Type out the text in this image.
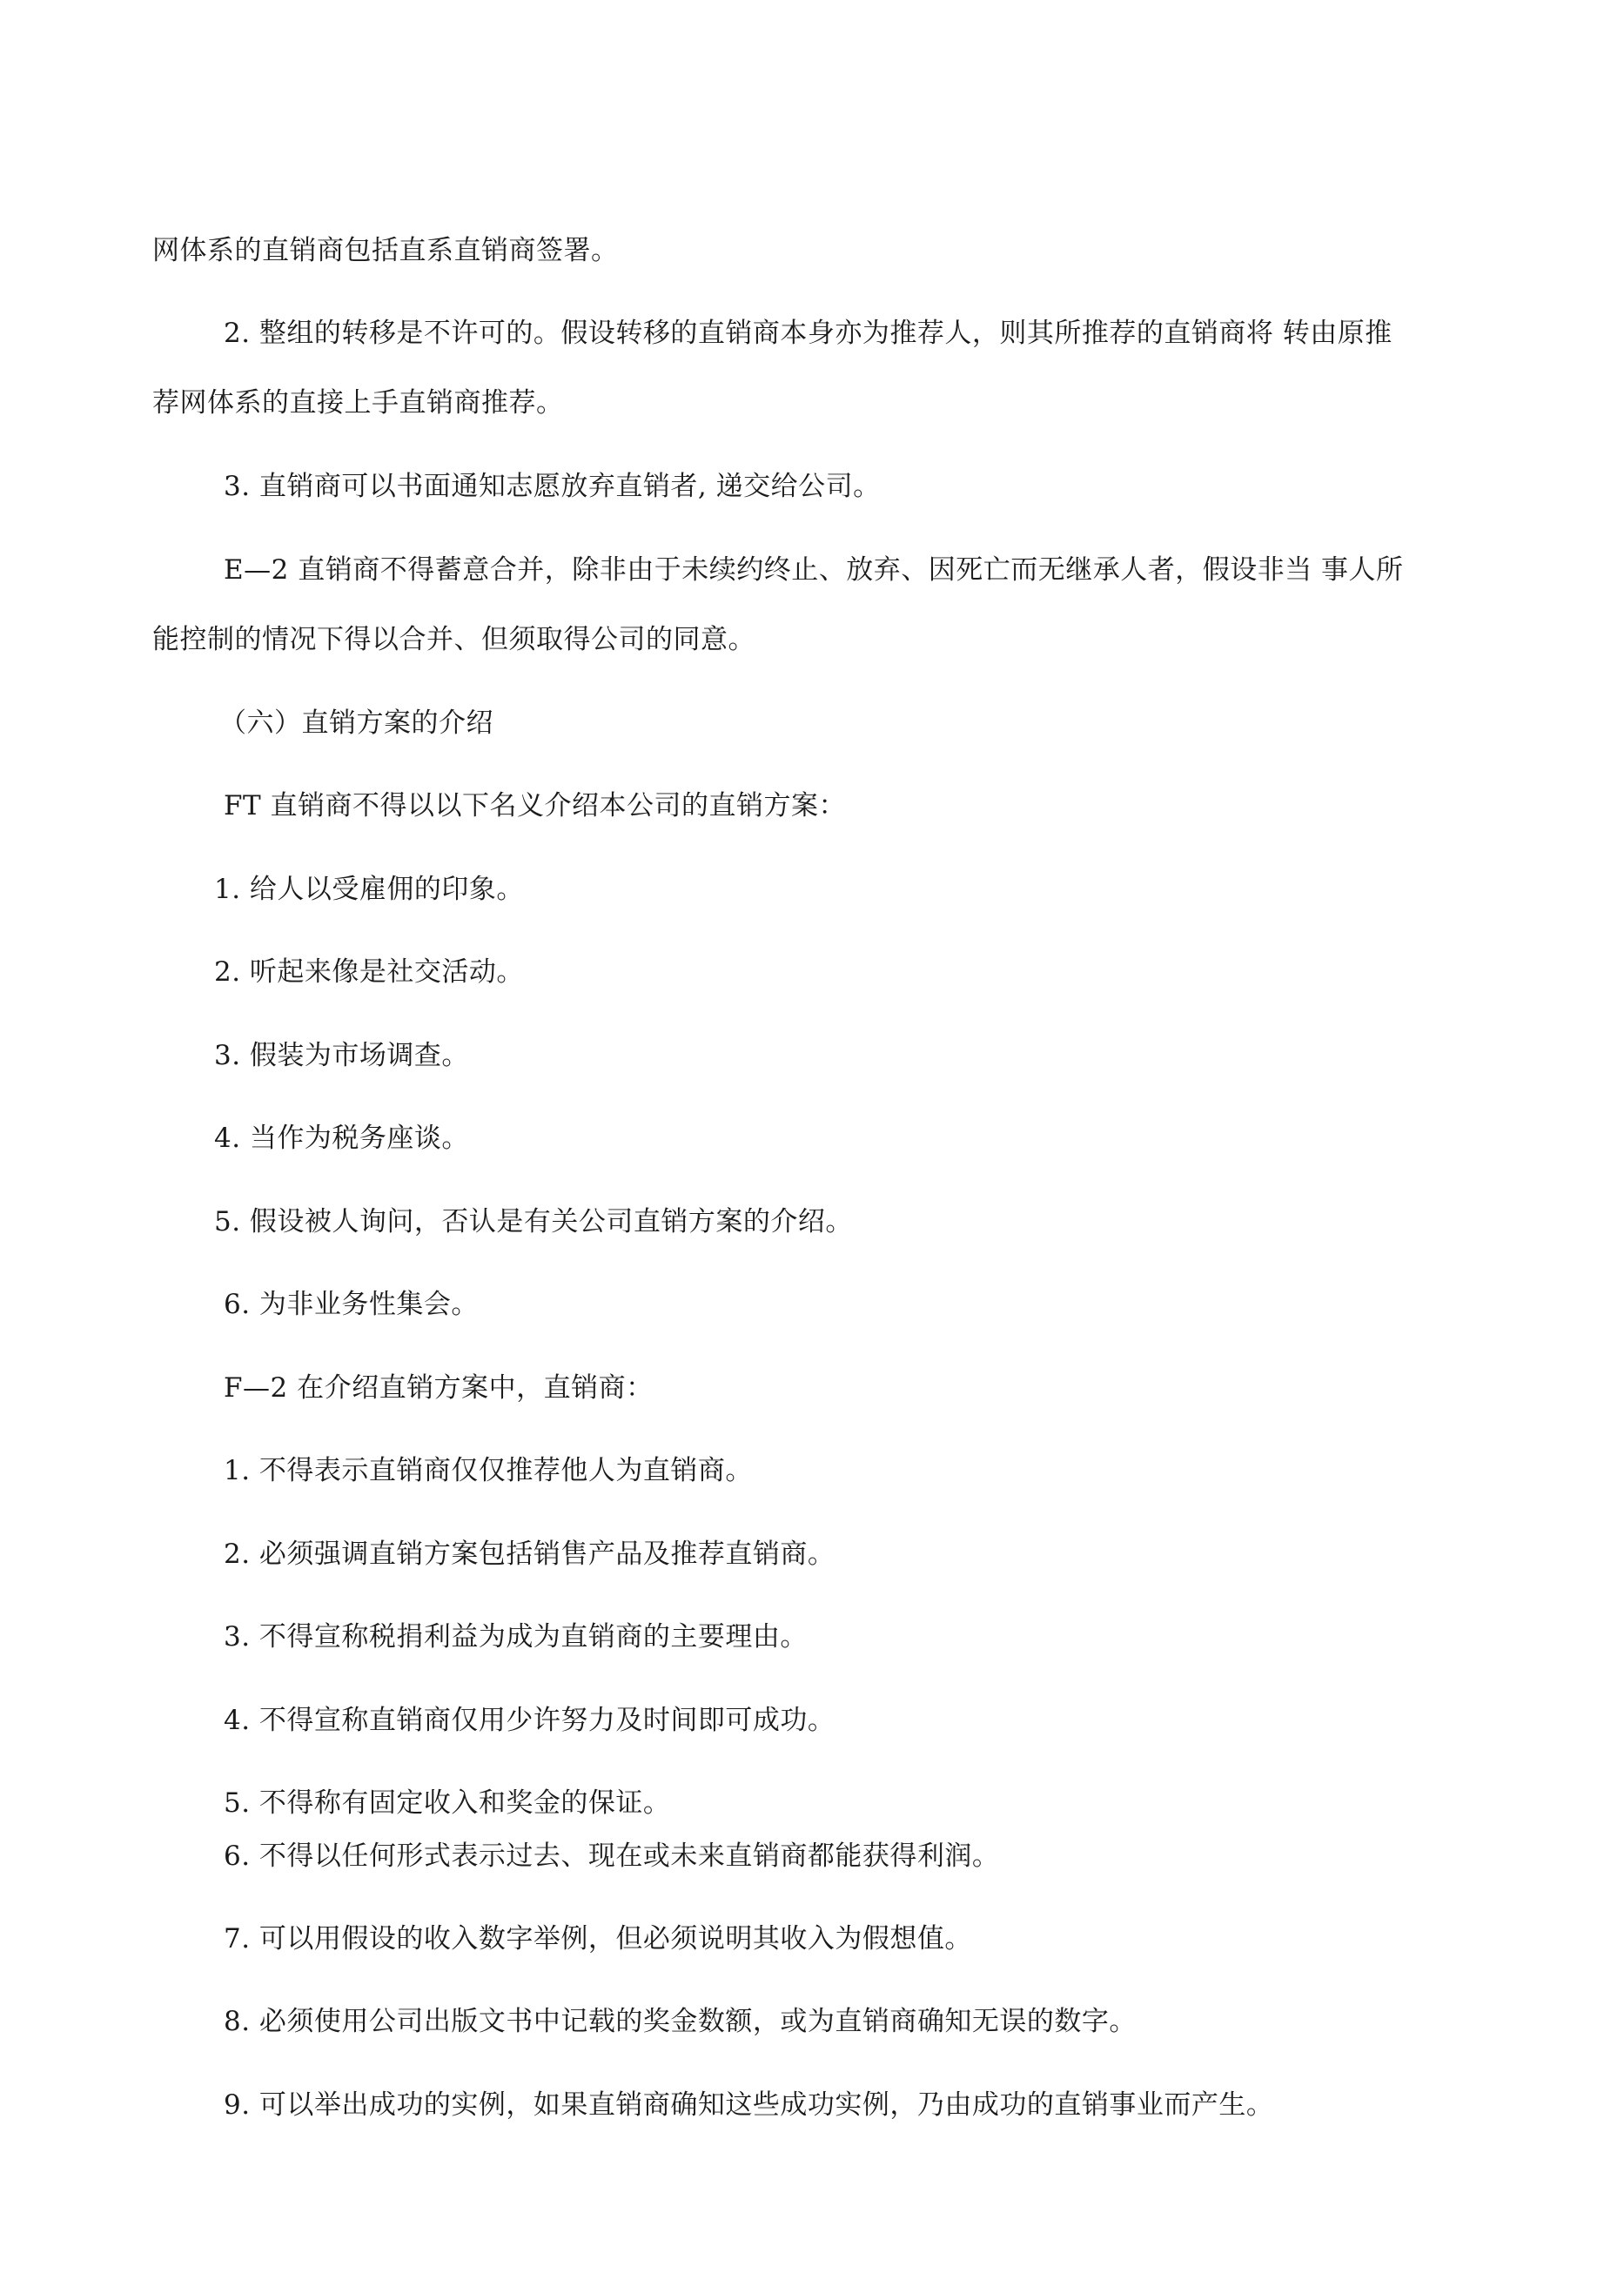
网体系的直销商包括直系直销商签署。
2. 整组的转移是不许可的。假设转移的直销商本身亦为推荐人，则其所推荐的直销商将 转由原推
荐网体系的直接上手直销商推荐。
3. 直销商可以书面通知志愿放弃直销者, 递交给公司。
E—2 直销商不得蓄意合并，除非由于未续约终止、放弃、因死亡而无继承人者，假设非当 事人所
能控制的情况下得以合并、但须取得公司的同意。
（六）直销方案的介绍
FT 直销商不得以以下名义介绍本公司的直销方案：
1. 给人以受雇佣的印象。
2. 听起来像是社交活动。
3. 假装为市场调查。
4. 当作为税务座谈。
5. 假设被人询问，否认是有关公司直销方案的介绍。
6. 为非业务性集会。
F—2 在介绍直销方案中，直销商：
1. 不得表示直销商仅仅推荐他人为直销商。
2. 必须强调直销方案包括销售产品及推荐直销商。
3. 不得宣称税捐利益为成为直销商的主要理由。
4. 不得宣称直销商仅用少许努力及时间即可成功。
5. 不得称有固定收入和奖金的保证。
6. 不得以任何形式表示过去、现在或未来直销商都能获得利润。
7. 可以用假设的收入数字举例，但必须说明其收入为假想值。
8. 必须使用公司出版文书中记载的奖金数额，或为直销商确知无误的数字。
9. 可以举出成功的实例，如果直销商确知这些成功实例，乃由成功的直销事业而产生。
